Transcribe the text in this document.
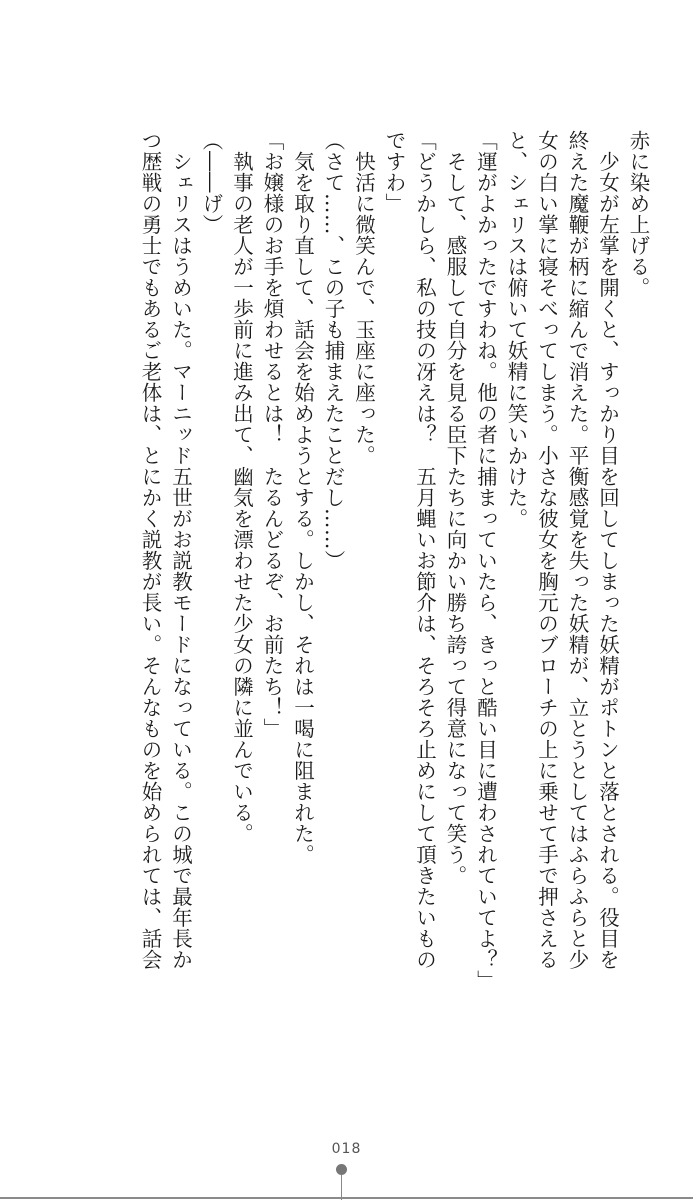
赤に染め上げる。
　少女が左掌を開くと、すっかり目を回してしまった妖精がポトンと落とされる。役目を
終えた魔鞭が柄に縮んで消えた。平衡感覚を失った妖精が、立とうとしてはふらふらと少
女の白い掌に寝そべってしまう。小さな彼女を胸元のブローチの上に乗せて手で押さえる
と、シェリスは俯いて妖精に笑いかけた。
「運がよかったですわね。他の者に捕まっていたら、きっと酷い目に遭わされていてよ？」
　そして、感服して自分を見る臣下たちに向かい勝ち誇って得意になって笑う。
「どうかしら、私の技の冴えは？　五月蝿いお節介は、そろそろ止めにして頂きたいもの
ですわ」
　快活に微笑んで、玉座に座った。
（さて……、この子も捕まえたことだし……）
　気を取り直して、話会を始めようとする。しかし、それは一喝に阻まれた。
「お嬢様のお手を煩わせるとは！　たるんどるぞ、お前たち！」
　執事の老人が一歩前に進み出て、幽気を漂わせた少女の隣に並んでいる。
（――げ）
　シェリスはうめいた。マーニッド五世がお説教モードになっている。この城で最年長か
つ歴戦の勇士でもあるご老体は、とにかく説教が長い。そんなものを始められては、話会
018
